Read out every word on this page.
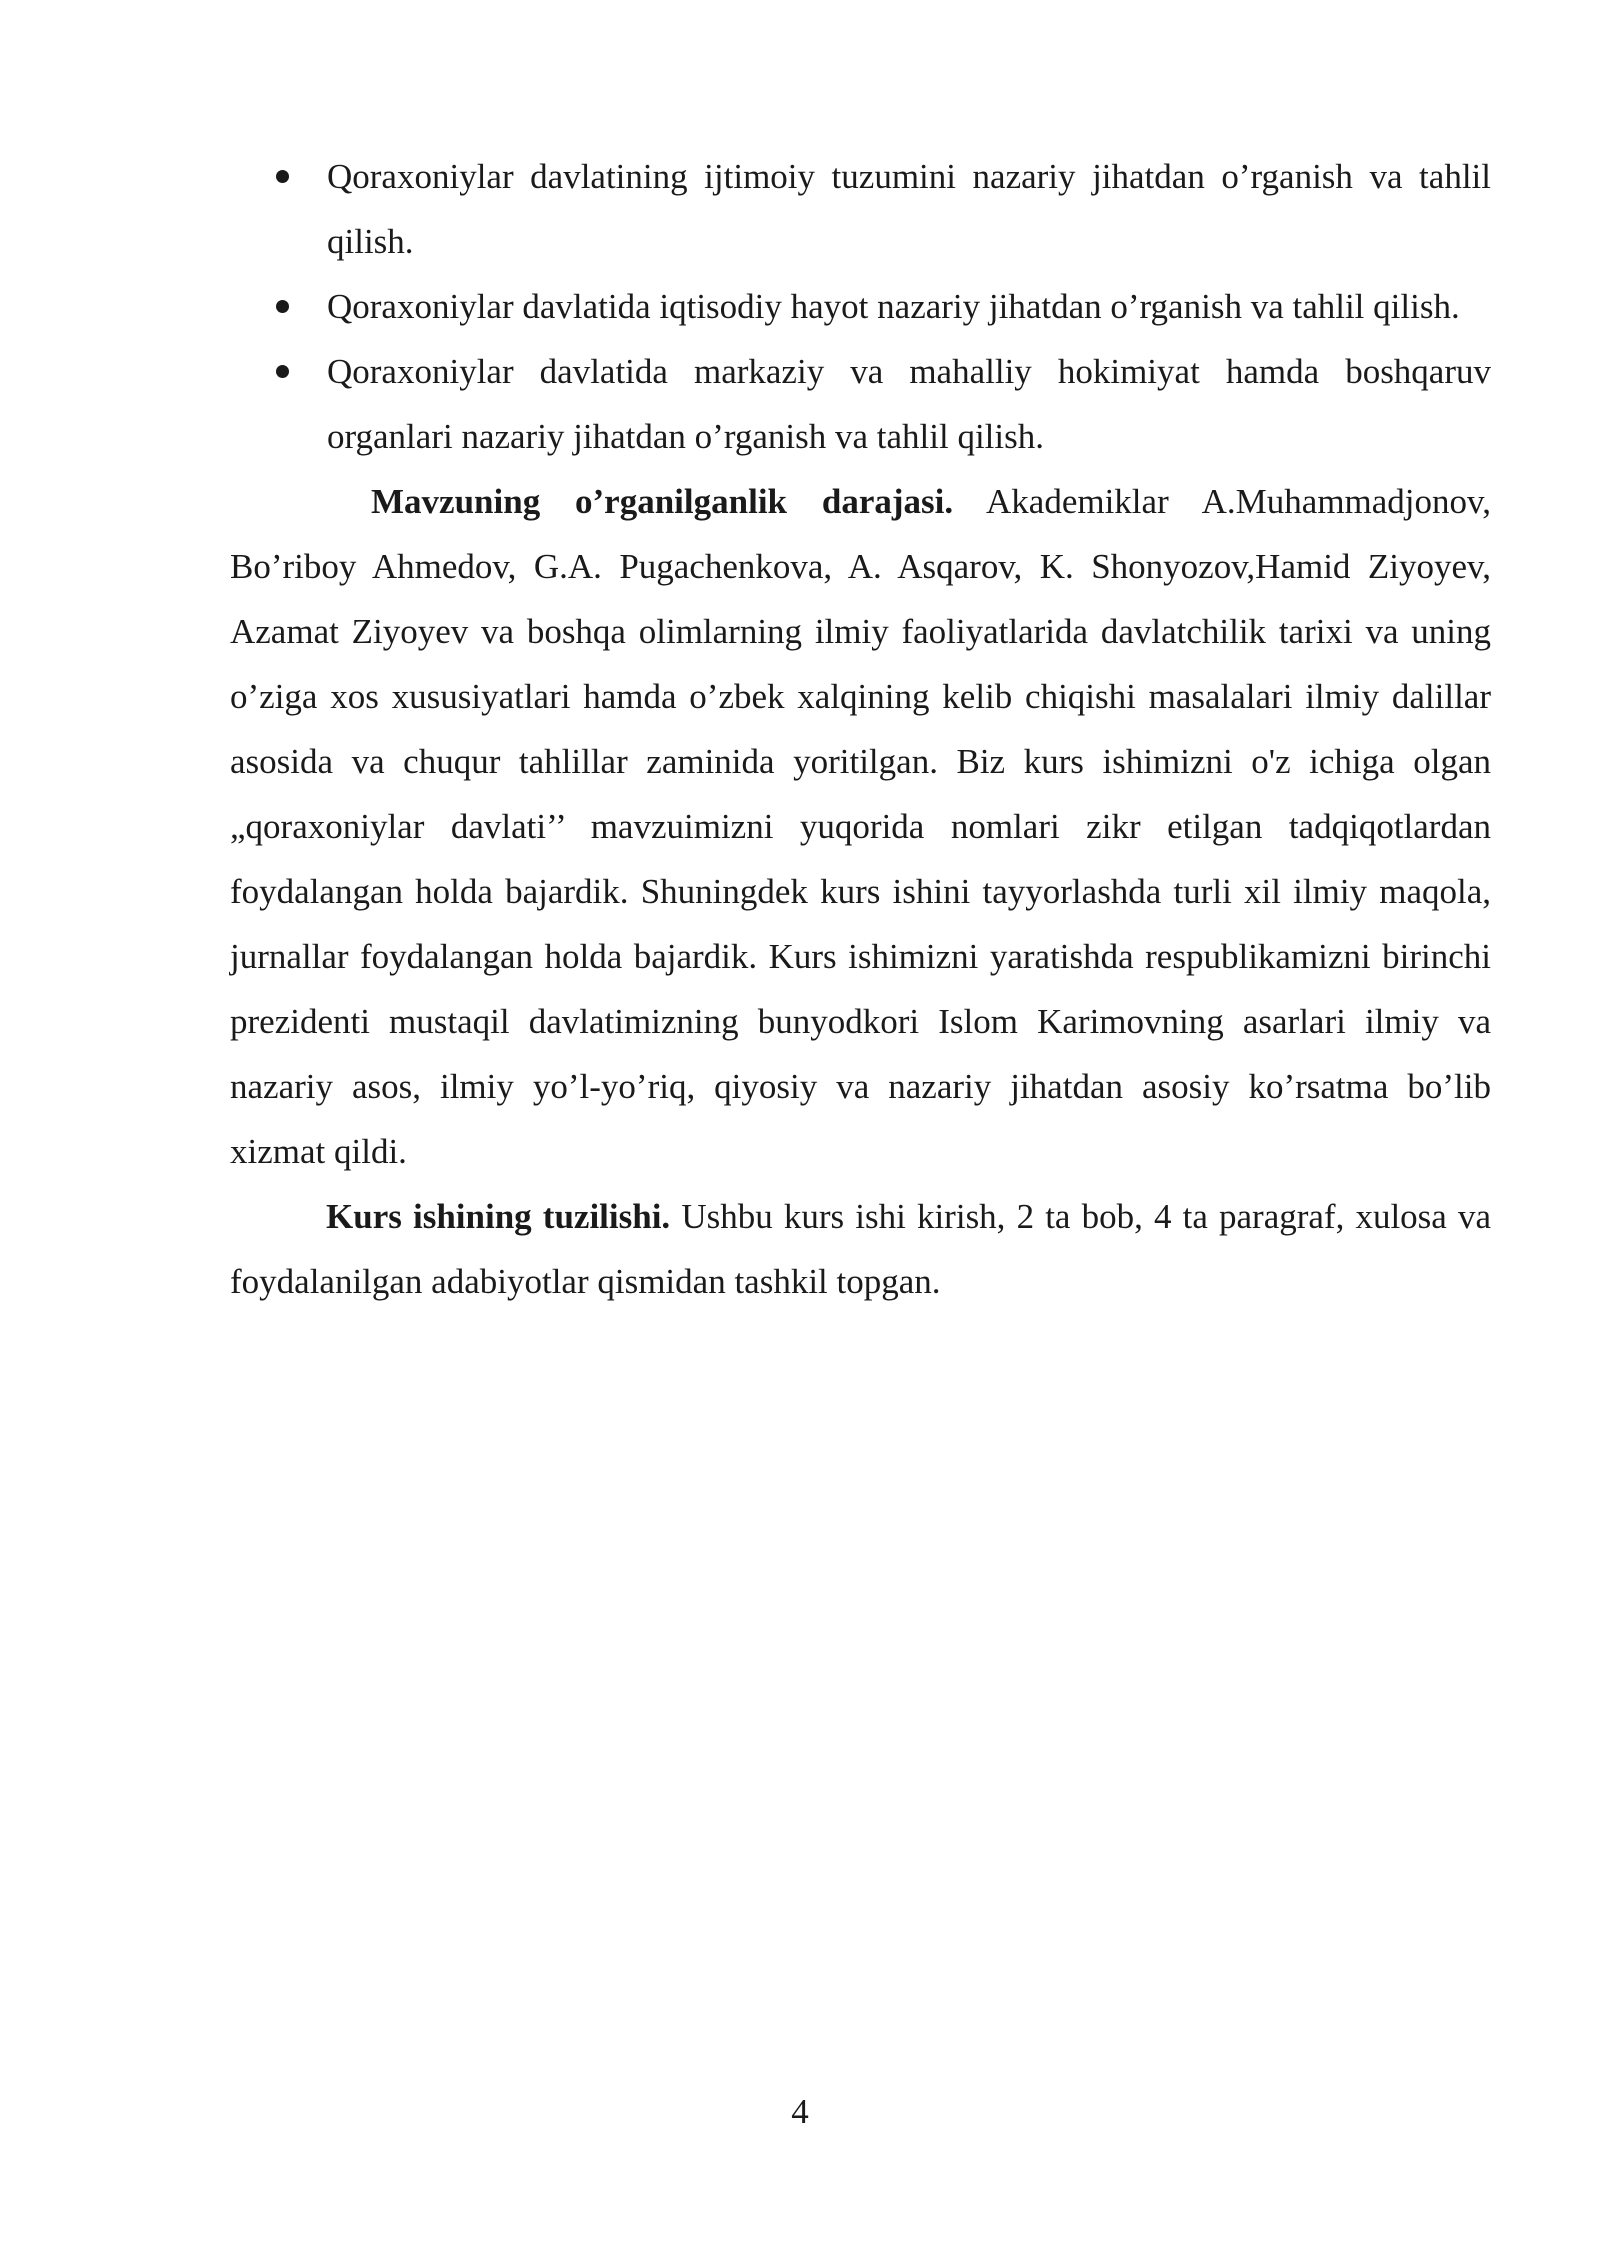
Qoraxoniylar davlatining ijtimoiy tuzumini nazariy jihatdan o’rganish va tahlil qilish.
Qoraxoniylar davlatida iqtisodiy hayot nazariy jihatdan o’rganish va tahlil qilish.
Qoraxoniylar davlatida markaziy va mahalliy hokimiyat hamda boshqaruv organlari nazariy jihatdan o’rganish va tahlil qilish.

Mavzuning o’rganilganlik darajasi. Akademiklar A.Muhammadjonov, Bo’riboy Ahmedov, G.A. Pugachenkova, A. Asqarov, K. Shonyozov,Hamid Ziyoyev, Azamat Ziyoyev va boshqa olimlarning ilmiy faoliyatlarida davlatchilik tarixi va uning o’ziga xos xususiyatlari hamda o’zbek xalqining kelib chiqishi masalalari ilmiy dalillar asosida va chuqur tahlillar zaminida yoritilgan. Biz kurs ishimizni o'z ichiga olgan „qoraxoniylar davlati’’ mavzuimizni yuqorida nomlari zikr etilgan tadqiqotlardan foydalangan holda bajardik. Shuningdek kurs ishini tayyorlashda turli xil ilmiy maqola, jurnallar foydalangan holda bajardik. Kurs ishimizni yaratishda respublikamizni birinchi prezidenti mustaqil davlatimizning bunyodkori Islom Karimovning asarlari ilmiy va nazariy asos, ilmiy yo’l-yo’riq, qiyosiy va nazariy jihatdan asosiy ko’rsatma bo’lib xizmat qildi.

Kurs ishining tuzilishi. Ushbu kurs ishi kirish, 2 ta bob, 4 ta paragraf, xulosa va foydalanilgan adabiyotlar qismidan tashkil topgan.

4
